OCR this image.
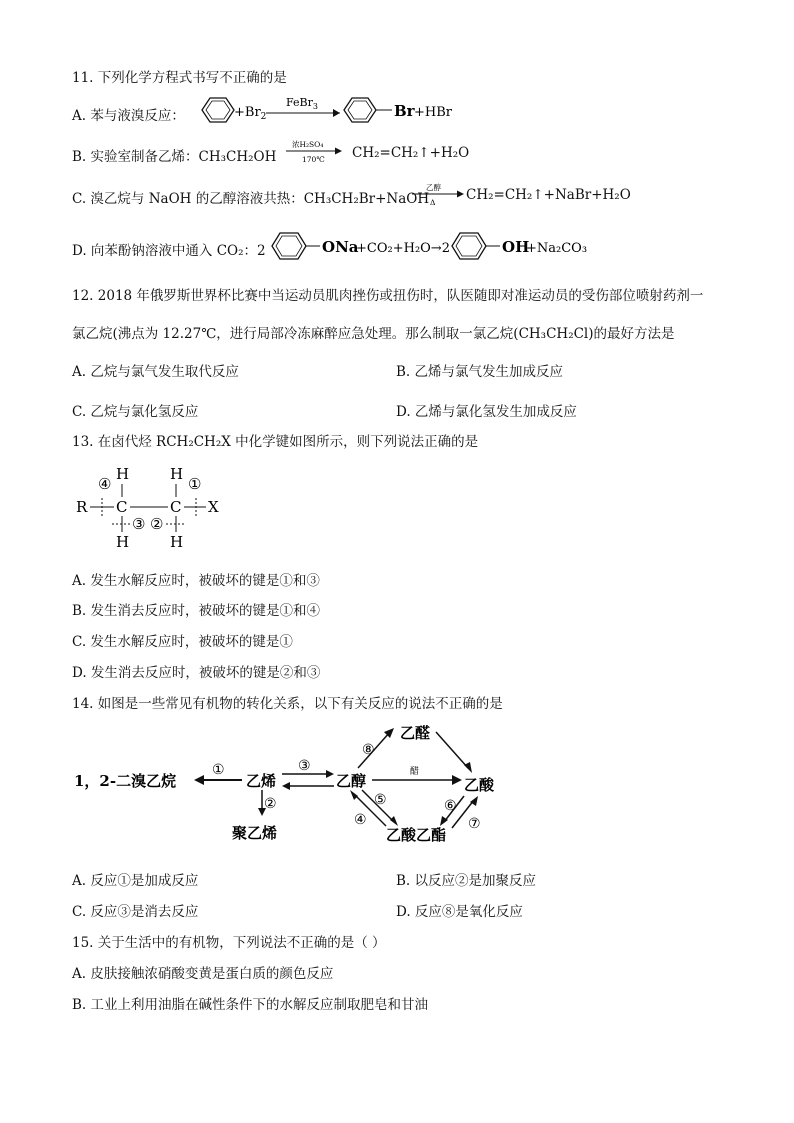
11. 下列化学方程式书写不正确的是
A. 苯与液溴反应：	$+Br_2$
FeBr$_3$	Br +HBr
B. 实验室制备乙烯：CH₃CH₂OH
浓H₂SO₄
170℃ CH₂=CH₂↑+H₂O
C. 溴乙烷与 NaOH 的乙醇溶液共热：CH₃CH₂Br+NaOH
乙醇
Δ CH₂=CH₂↑+NaBr+H₂O
D. 向苯酚钠溶液中通入 CO₂：2	ONa
+CO₂+H₂O→2	OH
+Na₂CO₃
12. 2018 年俄罗斯世界杯比赛中当运动员肌肉挫伤或扭伤时，队医随即对准运动员的受伤部位喷射药剂一
氯乙烷(沸点为 12.27℃，进行局部冷冻麻醉应急处理。那么制取一氯乙烷(CH₃CH₂Cl)的最好方法是
A. 乙烷与氯气发生取代反应	B. 乙烯与氯气发生加成反应
C. 乙烷与氯化氢反应	D. 乙烯与氯化氢发生加成反应
13. 在卤代烃 RCH₂CH₂X 中化学键如图所示，则下列说法正确的是
H	H
④	①
R C	C X
③ ②
H	H
A. 发生水解反应时，被破坏的键是①和③
B. 发生消去反应时，被破坏的键是①和④
C. 发生水解反应时，被破坏的键是①
D. 发生消去反应时，被破坏的键是②和③
14. 如图是一些常见有机物的转化关系，以下有关反应的说法不正确的是
1，2-二溴乙烷	乙烯	乙醇
乙醛
乙酸
乙酸乙酯
聚乙烯
①
②
③	醋
⑧
⑤
④
⑥
⑦
A. 反应①是加成反应	B. 以反应②是加聚反应
C. 反应③是消去反应	D. 反应⑧是氧化反应
15. 关于生活中的有机物，下列说法不正确的是（ ）
A. 皮肤接触浓硝酸变黄是蛋白质的颜色反应
B. 工业上利用油脂在碱性条件下的水解反应制取肥皂和甘油
